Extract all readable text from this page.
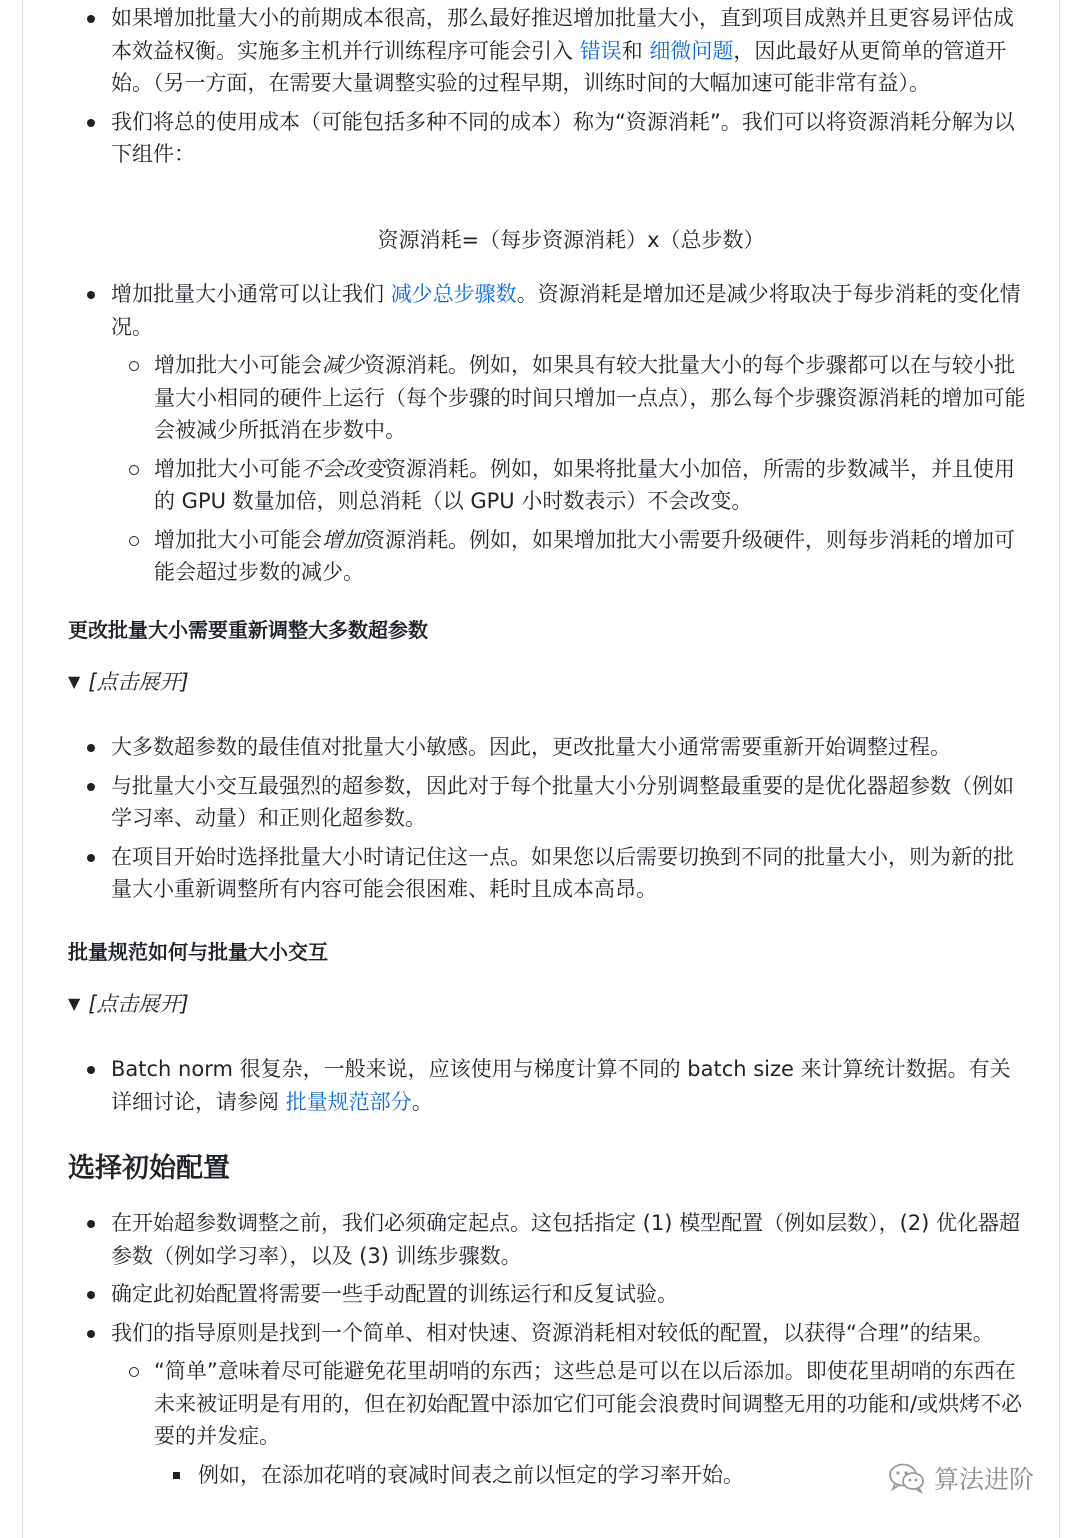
如果增加批量大小的前期成本很高，那么最好推迟增加批量大小，直到项目成熟并且更容易评估成本效益权衡。实施多主机并行训练程序可能会引入 错误和 细微问题，因此最好从更简单的管道开始。（另一方面，在需要大量调整实验的过程早期，训练时间的大幅加速可能非常有益）。
我们将总的使用成本（可能包括多种不同的成本）称为“资源消耗”。我们可以将资源消耗分解为以下组件：
资源消耗=（每步资源消耗）x（总步数）
增加批量大小通常可以让我们 减少总步骤数。资源消耗是增加还是减少将取决于每步消耗的变化情况。
增加批大小可能会减少资源消耗。例如，如果具有较大批量大小的每个步骤都可以在与较小批量大小相同的硬件上运行（每个步骤的时间只增加一点点），那么每个步骤资源消耗的增加可能会被减少所抵消在步数中。
增加批大小可能不会改变资源消耗。例如，如果将批量大小加倍，所需的步数减半，并且使用的 GPU 数量加倍，则总消耗（以 GPU 小时数表示）不会改变。
增加批大小可能会增加资源消耗。例如，如果增加批大小需要升级硬件，则每步消耗的增加可能会超过步数的减少。
更改批量大小需要重新调整大多数超参数
▼ [点击展开]
大多数超参数的最佳值对批量大小敏感。因此，更改批量大小通常需要重新开始调整过程。
与批量大小交互最强烈的超参数，因此对于每个批量大小分别调整最重要的是优化器超参数（例如学习率、动量）和正则化超参数。
在项目开始时选择批量大小时请记住这一点。如果您以后需要切换到不同的批量大小，则为新的批量大小重新调整所有内容可能会很困难、耗时且成本高昂。
批量规范如何与批量大小交互
▼ [点击展开]
Batch norm 很复杂，一般来说，应该使用与梯度计算不同的 batch size 来计算统计数据。有关详细讨论，请参阅 批量规范部分。
选择初始配置
在开始超参数调整之前，我们必须确定起点。这包括指定 (1) 模型配置（例如层数），(2) 优化器超参数（例如学习率），以及 (3) 训练步骤数。
确定此初始配置将需要一些手动配置的训练运行和反复试验。
我们的指导原则是找到一个简单、相对快速、资源消耗相对较低的配置，以获得“合理”的结果。
“简单”意味着尽可能避免花里胡哨的东西；这些总是可以在以后添加。即使花里胡哨的东西在未来被证明是有用的，但在初始配置中添加它们可能会浪费时间调整无用的功能和/或烘烤不必要的并发症。
例如，在添加花哨的衰减时间表之前以恒定的学习率开始。	算法进阶
